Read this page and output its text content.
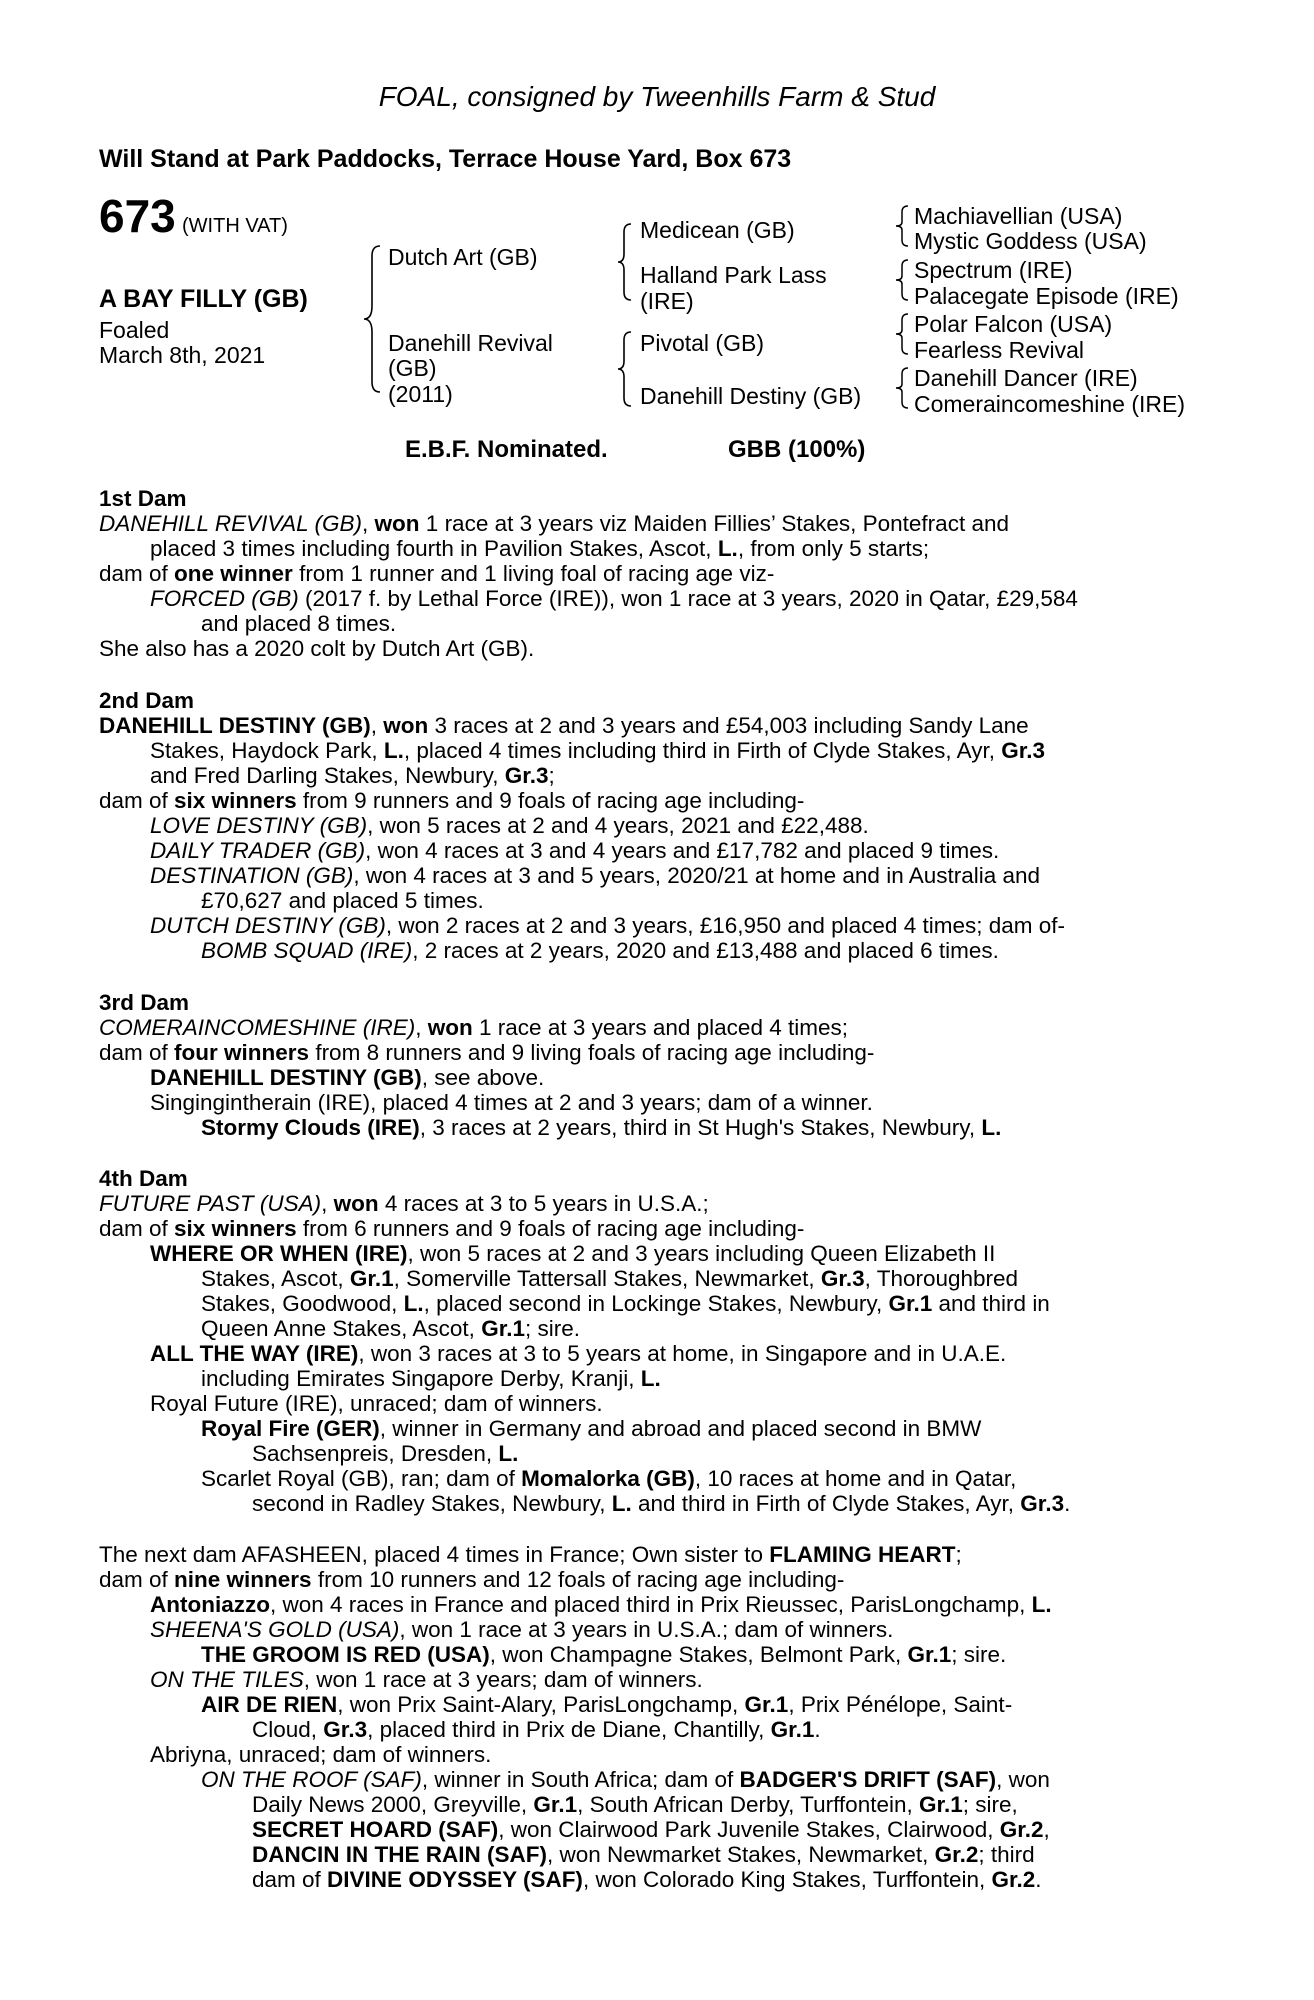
FOAL, consigned by Tweenhills Farm & Stud
Will Stand at Park Paddocks, Terrace House Yard, Box 673
673 (WITH VAT)
A BAY FILLY (GB)
Foaled
March 8th, 2021
Dutch Art (GB)
Danehill Revival
(GB)
(2011)
Medicean (GB)
Halland Park Lass
(IRE)
Pivotal (GB)
Danehill Destiny (GB)
Machiavellian (USA)
Mystic Goddess (USA)
Spectrum (IRE)
Palacegate Episode (IRE)
Polar Falcon (USA)
Fearless Revival
Danehill Dancer (IRE)
Comeraincomeshine (IRE)
E.B.F. Nominated.	GBB (100%)
1st Dam
DANEHILL REVIVAL (GB), won 1 race at 3 years viz Maiden Fillies’ Stakes, Pontefract and
placed 3 times including fourth in Pavilion Stakes, Ascot, L., from only 5 starts;
dam of one winner from 1 runner and 1 living foal of racing age viz-
FORCED (GB) (2017 f. by Lethal Force (IRE)), won 1 race at 3 years, 2020 in Qatar, £29,584
and placed 8 times.
She also has a 2020 colt by Dutch Art (GB).
2nd Dam
DANEHILL DESTINY (GB), won 3 races at 2 and 3 years and £54,003 including Sandy Lane
Stakes, Haydock Park, L., placed 4 times including third in Firth of Clyde Stakes, Ayr, Gr.3
and Fred Darling Stakes, Newbury, Gr.3;
dam of six winners from 9 runners and 9 foals of racing age including-
LOVE DESTINY (GB), won 5 races at 2 and 4 years, 2021 and £22,488.
DAILY TRADER (GB), won 4 races at 3 and 4 years and £17,782 and placed 9 times.
DESTINATION (GB), won 4 races at 3 and 5 years, 2020/21 at home and in Australia and
£70,627 and placed 5 times.
DUTCH DESTINY (GB), won 2 races at 2 and 3 years, £16,950 and placed 4 times; dam of-
BOMB SQUAD (IRE), 2 races at 2 years, 2020 and £13,488 and placed 6 times.
3rd Dam
COMERAINCOMESHINE (IRE), won 1 race at 3 years and placed 4 times;
dam of four winners from 8 runners and 9 living foals of racing age including-
DANEHILL DESTINY (GB), see above.
Singingintherain (IRE), placed 4 times at 2 and 3 years; dam of a winner.
Stormy Clouds (IRE), 3 races at 2 years, third in St Hugh's Stakes, Newbury, L.
4th Dam
FUTURE PAST (USA), won 4 races at 3 to 5 years in U.S.A.;
dam of six winners from 6 runners and 9 foals of racing age including-
WHERE OR WHEN (IRE), won 5 races at 2 and 3 years including Queen Elizabeth II
Stakes, Ascot, Gr.1, Somerville Tattersall Stakes, Newmarket, Gr.3, Thoroughbred
Stakes, Goodwood, L., placed second in Lockinge Stakes, Newbury, Gr.1 and third in
Queen Anne Stakes, Ascot, Gr.1; sire.
ALL THE WAY (IRE), won 3 races at 3 to 5 years at home, in Singapore and in U.A.E.
including Emirates Singapore Derby, Kranji, L.
Royal Future (IRE), unraced; dam of winners.
Royal Fire (GER), winner in Germany and abroad and placed second in BMW
Sachsenpreis, Dresden, L.
Scarlet Royal (GB), ran; dam of Momalorka (GB), 10 races at home and in Qatar,
second in Radley Stakes, Newbury, L. and third in Firth of Clyde Stakes, Ayr, Gr.3.
The next dam AFASHEEN, placed 4 times in France; Own sister to FLAMING HEART;
dam of nine winners from 10 runners and 12 foals of racing age including-
Antoniazzo, won 4 races in France and placed third in Prix Rieussec, ParisLongchamp, L.
SHEENA'S GOLD (USA), won 1 race at 3 years in U.S.A.; dam of winners.
THE GROOM IS RED (USA), won Champagne Stakes, Belmont Park, Gr.1; sire.
ON THE TILES, won 1 race at 3 years; dam of winners.
AIR DE RIEN, won Prix Saint-Alary, ParisLongchamp, Gr.1, Prix Pénélope, Saint-
Cloud, Gr.3, placed third in Prix de Diane, Chantilly, Gr.1.
Abriyna, unraced; dam of winners.
ON THE ROOF (SAF), winner in South Africa; dam of BADGER'S DRIFT (SAF), won
Daily News 2000, Greyville, Gr.1, South African Derby, Turffontein, Gr.1; sire,
SECRET HOARD (SAF), won Clairwood Park Juvenile Stakes, Clairwood, Gr.2,
DANCIN IN THE RAIN (SAF), won Newmarket Stakes, Newmarket, Gr.2; third
dam of DIVINE ODYSSEY (SAF), won Colorado King Stakes, Turffontein, Gr.2.
